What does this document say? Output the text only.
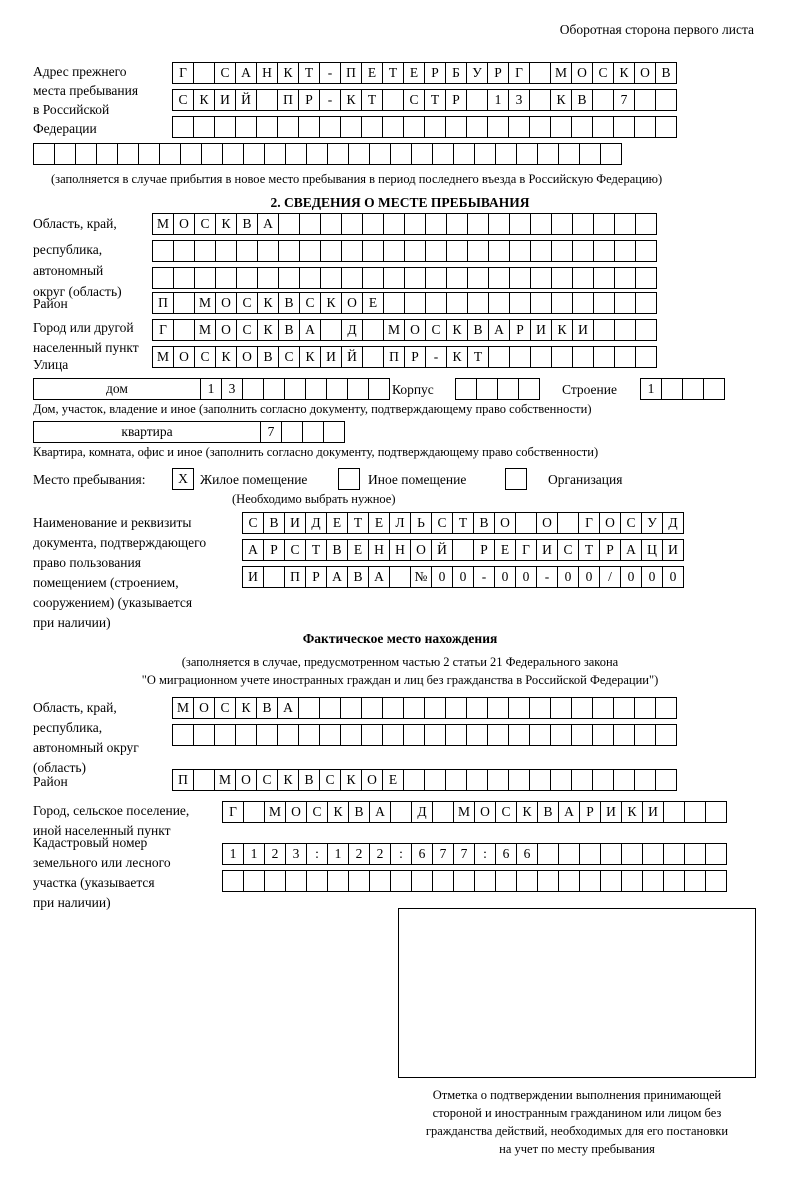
Оборотная сторона первого листа
Адрес прежнего
места пребывания
в Российской
Федерации
Г	С А Н К Т	-	П Е Т Е Р Б У Р Г	М О С К О В
С К И Й	П Р	-	К Т	С Т Р	1	3	К В	7
(заполняется в случае прибытия в новое место пребывания в период последнего въезда в Российскую Федерацию)
2. СВЕДЕНИЯ О МЕСТЕ ПРЕБЫВАНИЯ
Область, край,
республика,
автономный
округ (область)
М О С К В А
Район	П	М О С К В С К О Е
Город или другой
населенный пункт
Г	М О С К В А	Д	М О С К В А Р И К И
Улица
М О С К О В С К И Й	П Р	-	К Т
дом	1	3	Корпус	Строение	1
Дом, участок, владение и иное (заполнить согласно документу, подтверждающему право собственности)
квартира	7
Квартира, комната, офис и иное (заполнить согласно документу, подтверждающему право собственности)
Место пребывания:	Х Жилое помещение	Иное помещение	Организация
(Необходимо выбрать нужное)
Наименование и реквизиты
документа, подтверждающего
право пользования
помещением (строением,
сооружением) (указывается
при наличии)
С В И Д Е Т Е Л Ь С Т В О	О	Г О С У Д
А Р С Т В Е Н Н О Й	Р Е Г И С Т Р А Ц И
И	П Р А В А	№ 0	0	-	0	0	-	0	0	/	0	0	0
Фактическое место нахождения
(заполняется в случае, предусмотренном частью 2 статьи 21 Федерального закона
"О миграционном учете иностранных граждан и лиц без гражданства в Российской Федерации")
Область, край,
республика,
автономный округ
(область)
М О С К В А
Район	П	М О С К В С К О Е
Город, сельское поселение,
иной населенный пункт
Г	М О С К В А	Д	М О С К В А Р И К И
Кадастровый номер
земельного или лесного
участка (указывается
при наличии)
1	1	2	3	:	1	2	2	:	6	7	7	:	6	6
Отметка о подтверждении выполнения принимающей
стороной и иностранным гражданином или лицом без
гражданства действий, необходимых для его постановки
на учет по месту пребывания
